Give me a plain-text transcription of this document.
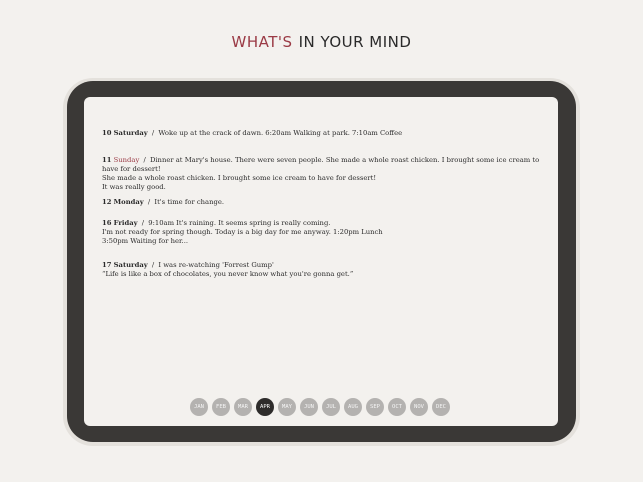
WHAT'S IN YOUR MIND
10 Saturday / Woke up at the crack of dawn. 6:20am Walking at park. 7:10am Coffee
11 Sunday / Dinner at Mary's house. There were seven people. She made a whole roast chicken. I brought some ice cream to have for dessert!
She made a whole roast chicken. I brought some ice cream to have for dessert!
It was really good.
12 Monday / It's time for change.
16 Friday / 9:10am It's raining. It seems spring is really coming.
I'm not ready for spring though. Today is a big day for me anyway. 1:20pm Lunch
3:50pm Waiting for her...
17 Saturday / I was re-watching 'Forrest Gump'
“Life is like a box of chocolates, you never know what you're gonna get.”
JAN	FEB	MAR	APR	MAY	JUN	JUL	AUG	SEP	OCT	NOV	DEC
